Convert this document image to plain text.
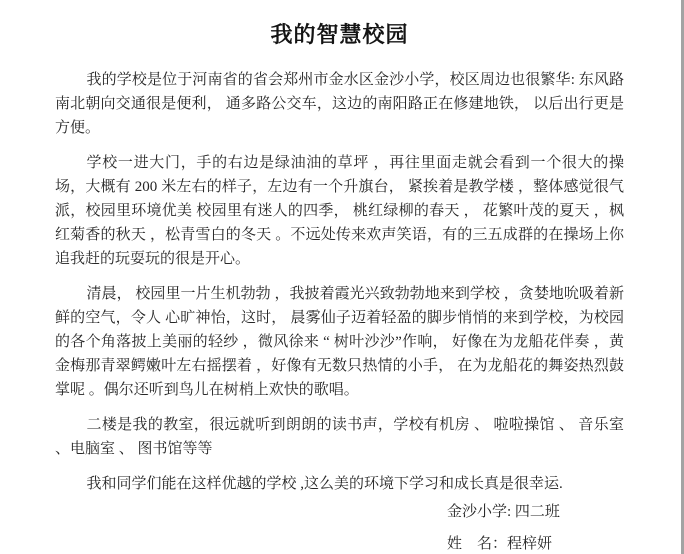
我的智慧校园

我的学校是位于河南省的省会郑州市金水区金沙小学，校区周边也很繁华: 东风路南北朝向交通很是便利， 通多路公交车，这边的南阳路正在修建地铁， 以后出行更是方便。

学校一进大门，手的右边是绿油油的草坪 ，再往里面走就会看到一个很大的操场，大概有 200 米左右的样子，左边有一个升旗台， 紧挨着是教学楼 ，整体感觉很气派，校园里环境优美 校园里有迷人的四季， 桃红绿柳的春天 ， 花繁叶茂的夏天 ，枫红菊香的秋天 ，松青雪白的冬天 。不远处传来欢声笑语，有的三五成群的在操场上你追我赶的玩耍玩的很是开心。

清晨， 校园里一片生机勃勃 ，我披着霞光兴致勃勃地来到学校 ，贪婪地吮吸着新鲜的空气，令人 心旷神怡，这时， 晨雾仙子迈着轻盈的脚步悄悄的来到学校，为校园的各个角落披上美丽的轻纱 ，微风徐来 “ 树叶沙沙”作响， 好像在为龙船花伴奏 ，黄金梅那青翠鳄嫩叶左右摇摆着 ，好像有无数只热情的小手， 在为龙船花的舞姿热烈鼓掌呢 。偶尔还听到鸟儿在树梢上欢快的歌唱。

二楼是我的教室，很远就听到朗朗的读书声，学校有机房 、 啦啦操馆 、 音乐室 、电脑室 、 图书馆等等

我和同学们能在这样优越的学校 ,这么美的环境下学习和成长真是很幸运.

金沙小学: 四二班
姓　名：程梓妍
